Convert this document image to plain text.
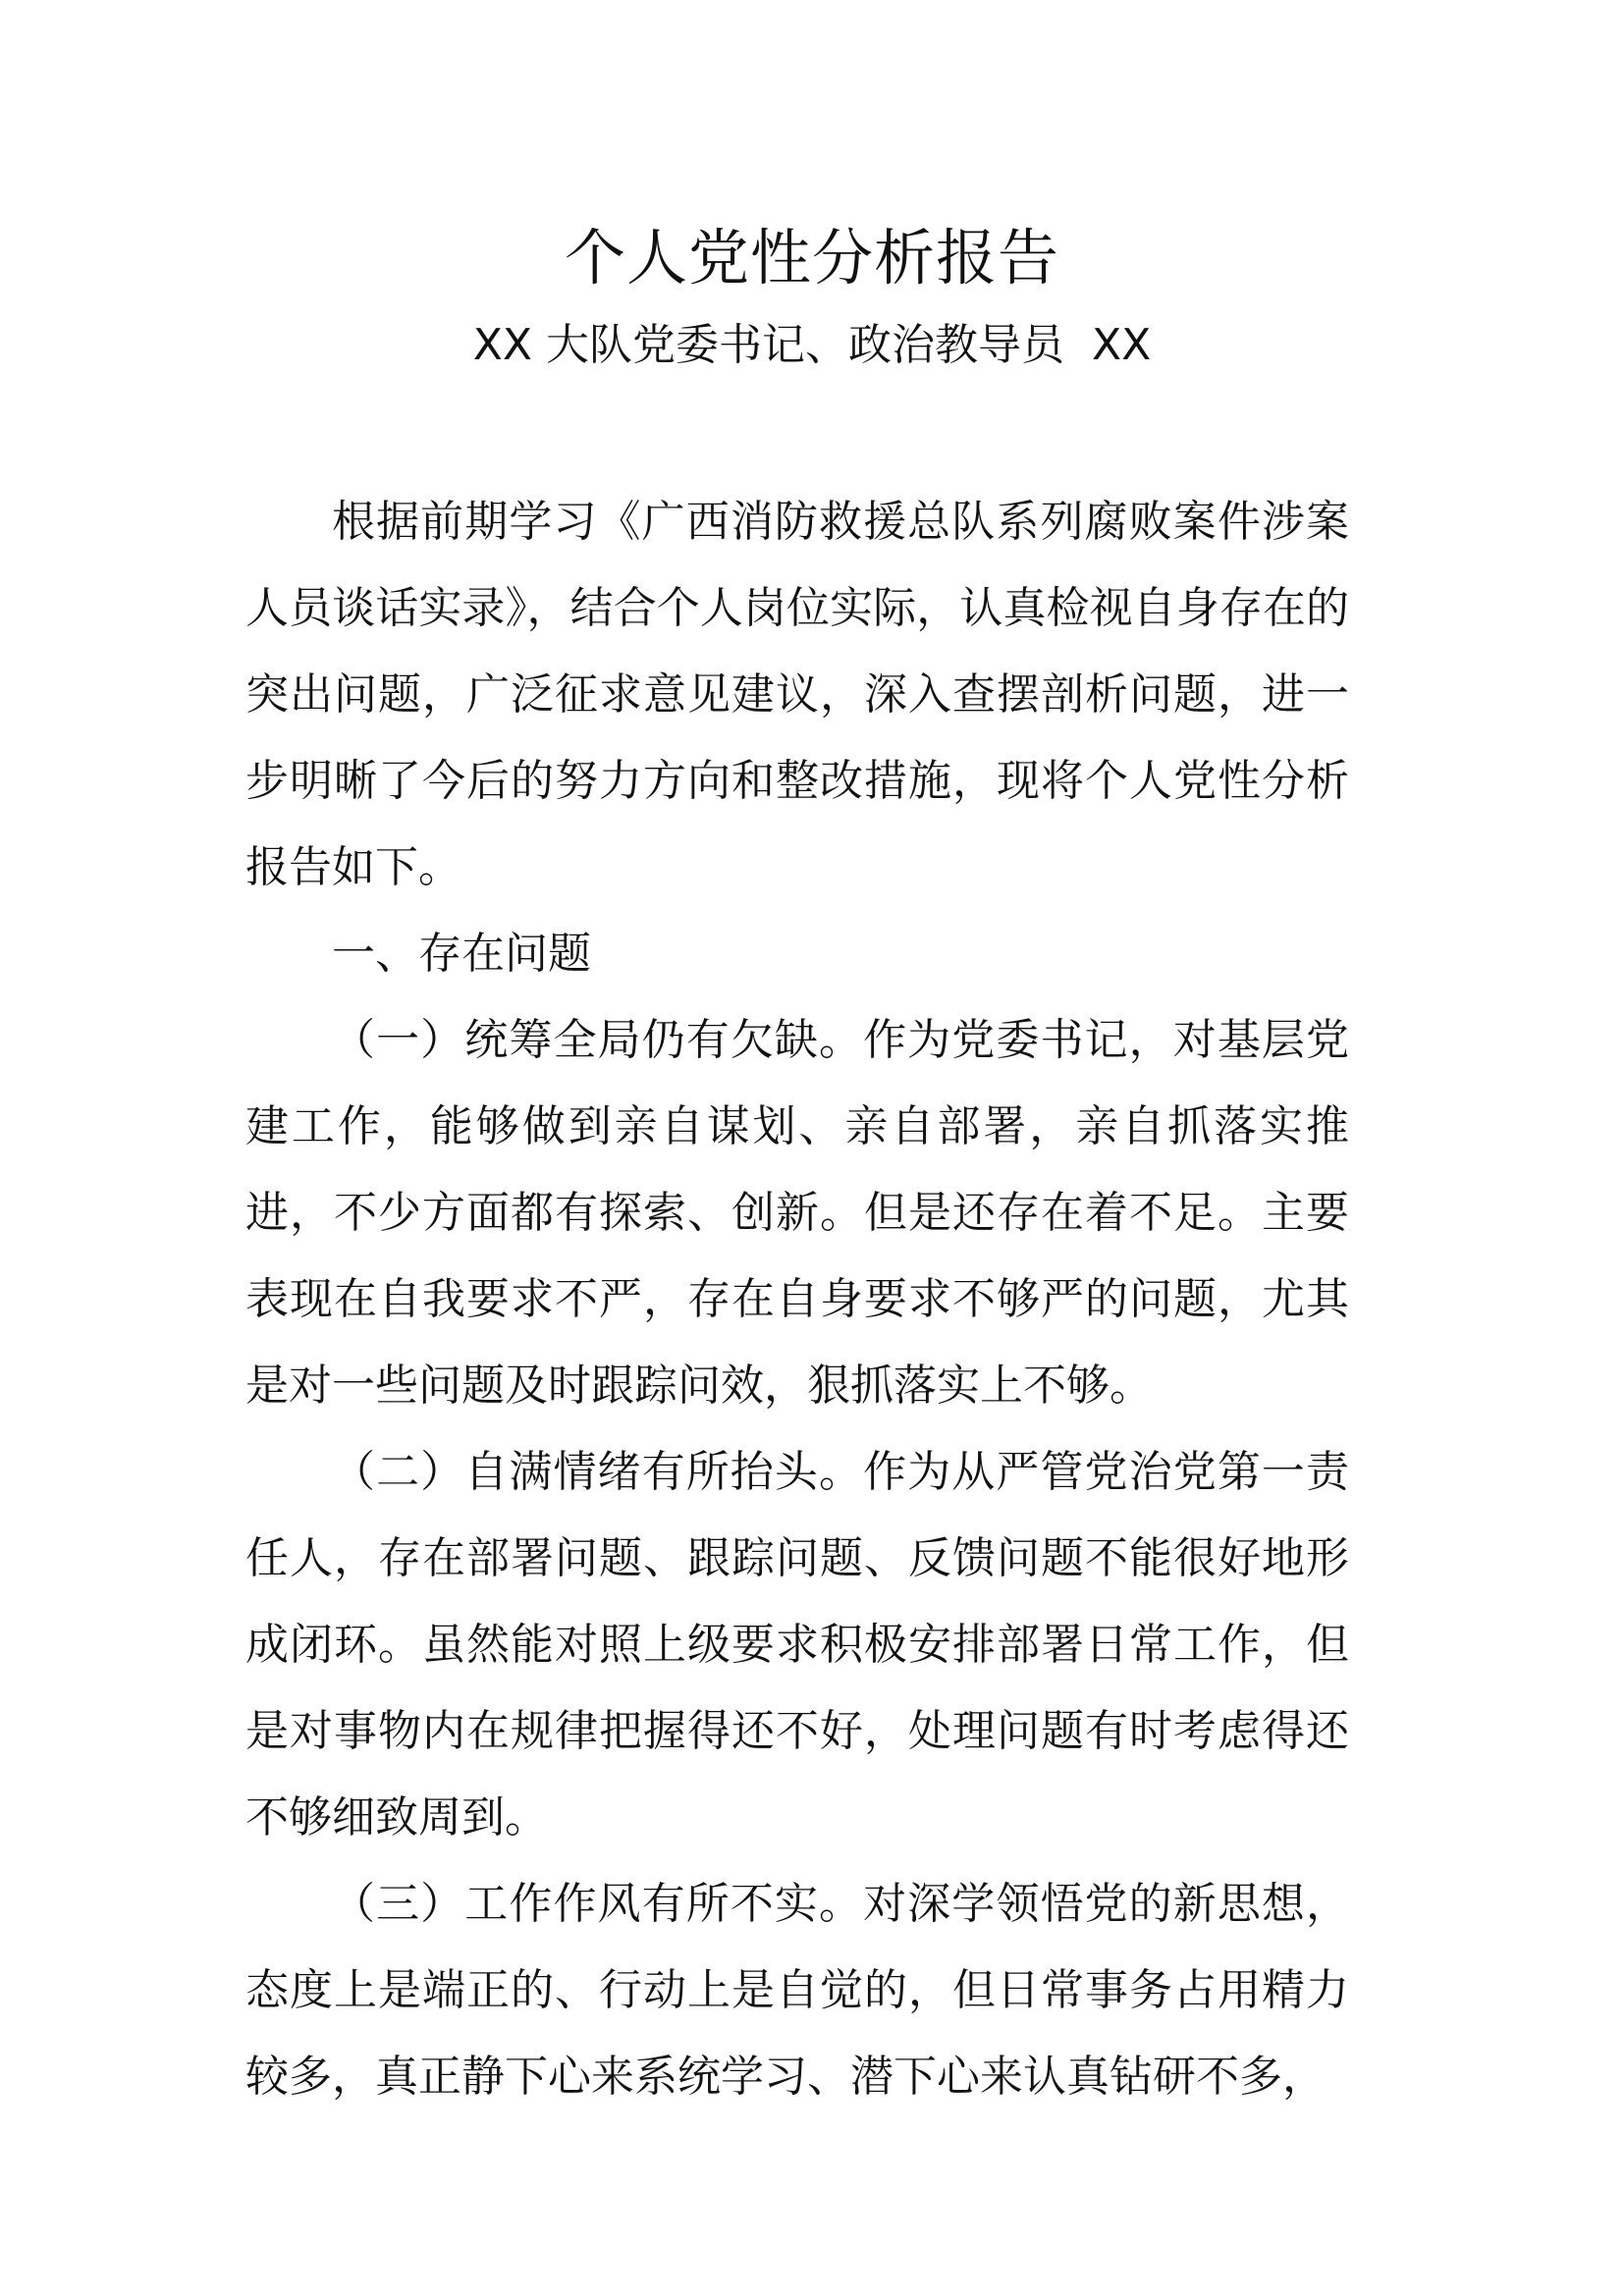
个人党性分析报告
XX 大队党委书记、政治教导员  XX

根据前期学习《广西消防救援总队系列腐败案件涉案人员谈话实录》，结合个人岗位实际，认真检视自身存在的突出问题，广泛征求意见建议，深入查摆剖析问题，进一步明晰了今后的努力方向和整改措施，现将个人党性分析报告如下。

一、存在问题

（一）统筹全局仍有欠缺。作为党委书记，对基层党建工作，能够做到亲自谋划、亲自部署，亲自抓落实推进，不少方面都有探索、创新。但是还存在着不足。主要表现在自我要求不严，存在自身要求不够严的问题，尤其是对一些问题及时跟踪问效，狠抓落实上不够。

（二）自满情绪有所抬头。作为从严管党治党第一责任人，存在部署问题、跟踪问题、反馈问题不能很好地形成闭环。虽然能对照上级要求积极安排部署日常工作，但是对事物内在规律把握得还不好，处理问题有时考虑得还不够细致周到。

（三）工作作风有所不实。对深学领悟党的新思想，态度上是端正的、行动上是自觉的，但日常事务占用精力较多，真正静下心来系统学习、潜下心来认真钻研不多，
